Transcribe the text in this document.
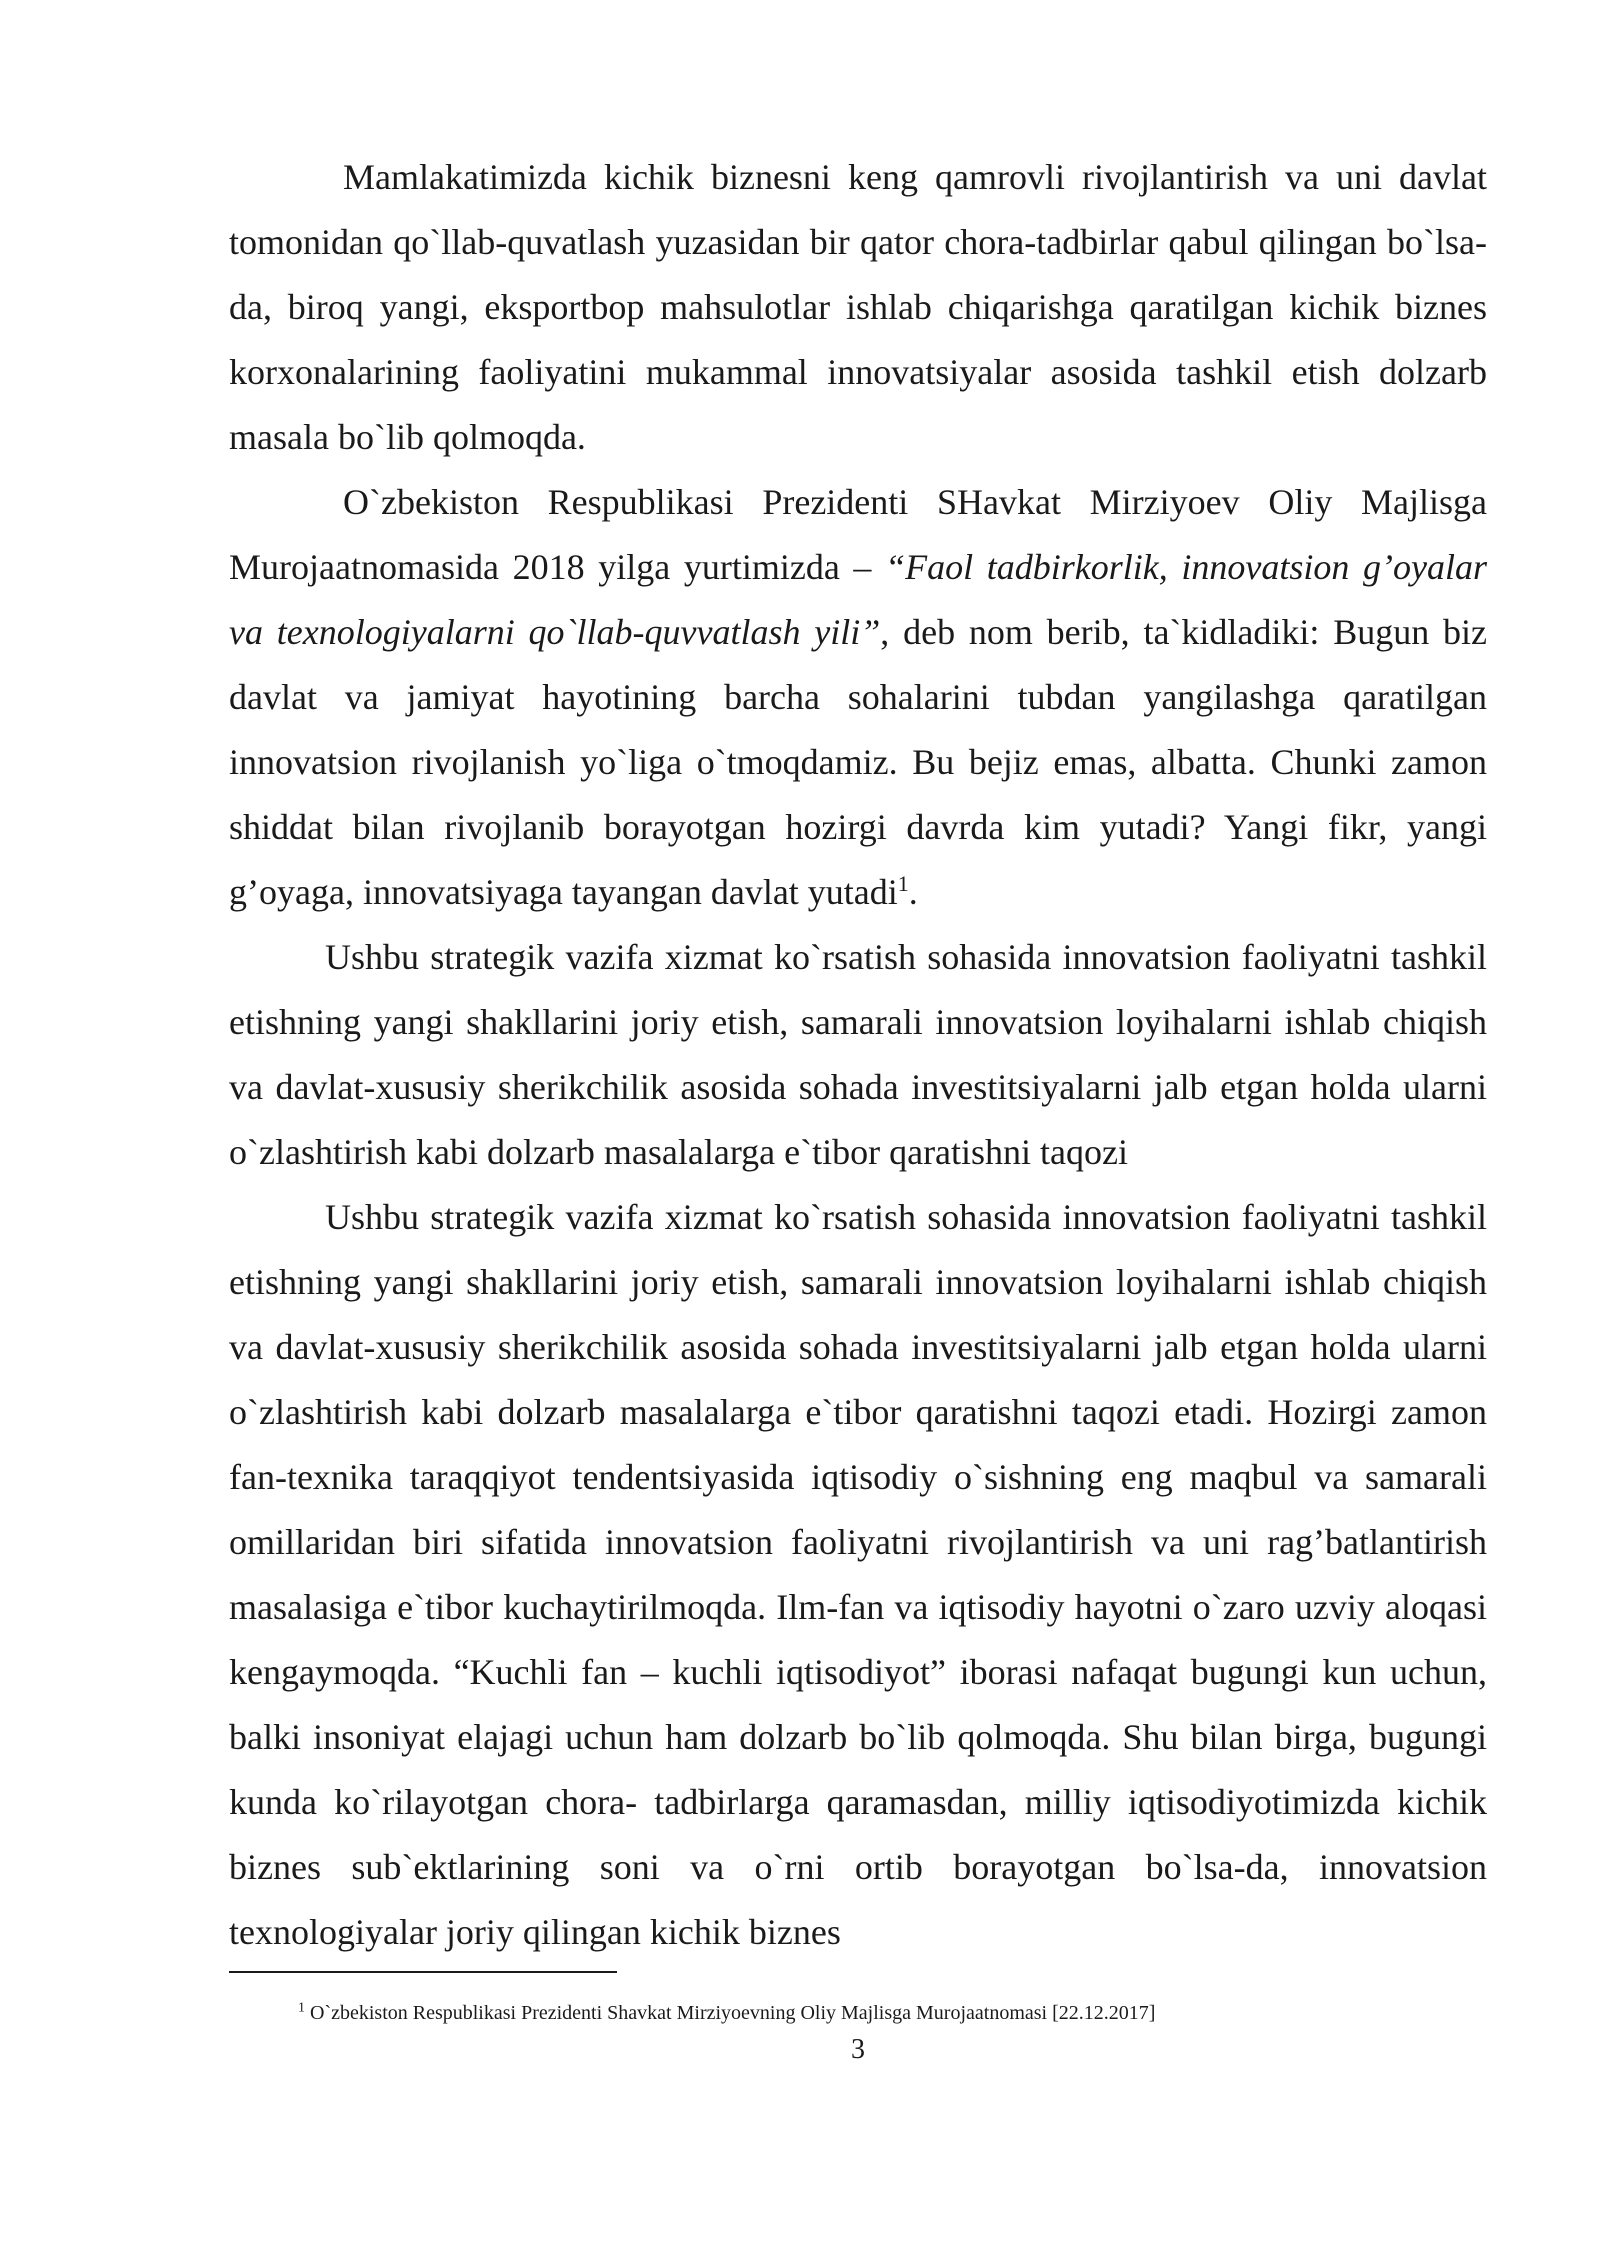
Mamlakatimizda kichik biznesni keng qamrovli rivojlantirish va uni davlat tomonidan qo`llab-quvatlash yuzasidan bir qator chora-tadbirlar qabul qilingan bo`lsa-da, biroq yangi, eksportbop mahsulotlar ishlab chiqarishga qaratilgan kichik biznes korxonalarining faoliyatini mukammal innovatsiyalar asosida tashkil etish dolzarb masala bo`lib qolmoqda.

O`zbekiston Respublikasi Prezidenti SHavkat Mirziyoev Oliy Majlisga Murojaatnomasida 2018 yilga yurtimizda – “Faol tadbirkorlik, innovatsion g’oyalar va texnologiyalarni qo`llab-quvvatlash yili”, deb nom berib, ta`kidladiki: Bugun biz davlat va jamiyat hayotining barcha sohalarini tubdan yangilashga qaratilgan innovatsion rivojlanish yo`liga o`tmoqdamiz. Bu bejiz emas, albatta. Chunki zamon shiddat bilan rivojlanib borayotgan hozirgi davrda kim yutadi? Yangi fikr, yangi g’oyaga, innovatsiyaga tayangan davlat yutadi$^1$.

Ushbu strategik vazifa xizmat ko`rsatish sohasida innovatsion faoliyatni tashkil etishning yangi shakllarini joriy etish, samarali innovatsion loyihalarni ishlab chiqish va davlat-xususiy sherikchilik asosida sohada investitsiyalarni jalb etgan holda ularni o`zlashtirish kabi dolzarb masalalarga e`tibor qaratishni taqozi

Ushbu strategik vazifa xizmat ko`rsatish sohasida innovatsion faoliyatni tashkil etishning yangi shakllarini joriy etish, samarali innovatsion loyihalarni ishlab chiqish va davlat-xususiy sherikchilik asosida sohada investitsiyalarni jalb etgan holda ularni o`zlashtirish kabi dolzarb masalalarga e`tibor qaratishni taqozi etadi. Hozirgi zamon fan-texnika taraqqiyot tendentsiyasida iqtisodiy o`sishning eng maqbul va samarali omillaridan biri sifatida innovatsion faoliyatni rivojlantirish va uni rag’batlantirish masalasiga e`tibor kuchaytirilmoqda. Ilm-fan va iqtisodiy hayotni o`zaro uzviy aloqasi kengaymoqda. “Kuchli fan – kuchli iqtisodiyot” iborasi nafaqat bugungi kun uchun, balki insoniyat elajagi uchun ham dolzarb bo`lib qolmoqda. Shu bilan birga, bugungi kunda ko`rilayotgan chora- tadbirlarga qaramasdan, milliy iqtisodiyotimizda kichik biznes sub`ektlarining soni va o`rni ortib borayotgan bo`lsa-da, innovatsion texnologiyalar joriy qilingan kichik biznes

$^1$ O`zbekiston Respublikasi Prezidenti Shavkat Mirziyoevning Oliy Majlisga Murojaatnomasi [22.12.2017]
3
